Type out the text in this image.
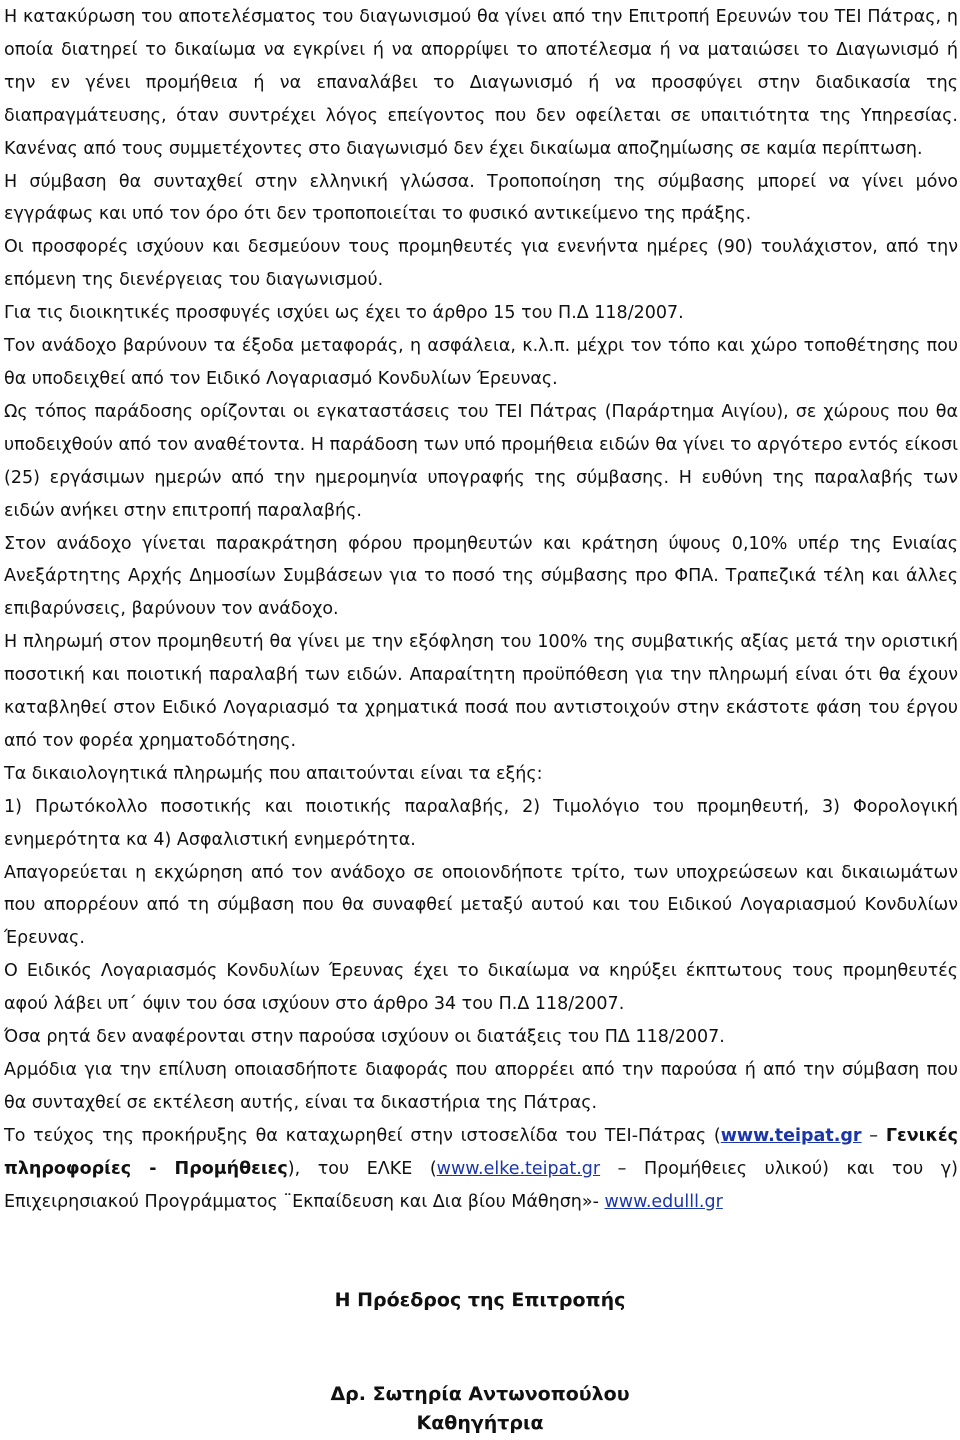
Η κατακύρωση του αποτελέσματος του διαγωνισμού θα γίνει από την Επιτροπή Ερευνών του ΤΕΙ Πάτρας, η οποία διατηρεί το δικαίωμα να εγκρίνει ή να απορρίψει το αποτέλεσμα ή να ματαιώσει το Διαγωνισμό ή την εν γένει προμήθεια ή να επαναλάβει το Διαγωνισμό ή να προσφύγει στην διαδικασία της διαπραγμάτευσης, όταν συντρέχει λόγος επείγοντος που δεν οφείλεται σε υπαιτιότητα της Υπηρεσίας. Κανένας από τους συμμετέχοντες στο διαγωνισμό δεν έχει δικαίωμα αποζημίωσης σε καμία περίπτωση.

Η σύμβαση θα συνταχθεί στην ελληνική γλώσσα. Τροποποίηση της σύμβασης μπορεί να γίνει μόνο εγγράφως και υπό τον όρο ότι δεν τροποποιείται το φυσικό αντικείμενο της πράξης.

Οι προσφορές ισχύουν και δεσμεύουν τους προμηθευτές για ενενήντα ημέρες (90) τουλάχιστον, από την επόμενη της διενέργειας του διαγωνισμού.

Για τις διοικητικές προσφυγές ισχύει ως έχει το άρθρο 15 του Π.Δ 118/2007.

Τον ανάδοχο βαρύνουν τα έξοδα μεταφοράς, η ασφάλεια, κ.λ.π. μέχρι τον τόπο και χώρο τοποθέτησης που θα υποδειχθεί από τον Ειδικό Λογαριασμό Κονδυλίων Έρευνας.

Ως τόπος παράδοσης ορίζονται οι εγκαταστάσεις του ΤΕΙ Πάτρας (Παράρτημα Αιγίου), σε χώρους που θα υποδειχθούν από τον αναθέτοντα. Η παράδοση των υπό προμήθεια ειδών θα γίνει το αργότερο εντός είκοσι (25) εργάσιμων ημερών από την ημερομηνία υπογραφής της σύμβασης. Η ευθύνη της παραλαβής των ειδών ανήκει στην επιτροπή παραλαβής.

Στον ανάδοχο γίνεται παρακράτηση φόρου προμηθευτών και κράτηση ύψους 0,10% υπέρ της Ενιαίας Ανεξάρτητης Αρχής Δημοσίων Συμβάσεων για το ποσό της σύμβασης προ ΦΠΑ. Τραπεζικά τέλη και άλλες επιβαρύνσεις, βαρύνουν τον ανάδοχο.

Η πληρωμή στον προμηθευτή θα γίνει με την εξόφληση του 100% της συμβατικής αξίας μετά την οριστική ποσοτική και ποιοτική παραλαβή των ειδών. Απαραίτητη προϋπόθεση για την πληρωμή είναι ότι θα έχουν καταβληθεί στον Ειδικό Λογαριασμό τα χρηματικά ποσά που αντιστοιχούν στην εκάστοτε φάση του έργου από τον φορέα χρηματοδότησης.

Τα δικαιολογητικά πληρωμής που απαιτούνται είναι τα εξής:

1) Πρωτόκολλο ποσοτικής και ποιοτικής παραλαβής, 2) Τιμολόγιο του προμηθευτή, 3) Φορολογική ενημερότητα κα 4) Ασφαλιστική ενημερότητα.

Απαγορεύεται η εκχώρηση από τον ανάδοχο σε οποιονδήποτε τρίτο, των υποχρεώσεων και δικαιωμάτων που απορρέουν από τη σύμβαση που θα συναφθεί μεταξύ αυτού και του Ειδικού Λογαριασμού Κονδυλίων Έρευνας.

Ο Ειδικός Λογαριασμός Κονδυλίων Έρευνας έχει το δικαίωμα να κηρύξει έκπτωτους τους προμηθευτές αφού λάβει υπ΄ όψιν του όσα ισχύουν στο άρθρο 34 του Π.Δ 118/2007.

Όσα ρητά δεν αναφέρονται στην παρούσα ισχύουν οι διατάξεις του ΠΔ 118/2007.

Αρμόδια για την επίλυση οποιασδήποτε διαφοράς που απορρέει από την παρούσα ή από την σύμβαση που θα συνταχθεί σε εκτέλεση αυτής, είναι τα δικαστήρια της Πάτρας.

Το τεύχος της προκήρυξης θα καταχωρηθεί στην ιστοσελίδα του ΤΕΙ-Πάτρας (www.teipat.gr – Γενικές πληροφορίες - Προμήθειες), του ΕΛΚΕ (www.elke.teipat.gr – Προμήθειες υλικού) και του γ) Επιχειρησιακού Προγράμματος ¨Εκπαίδευση και Δια βίου Μάθηση»- www.edulll.gr

Η Πρόεδρος της Επιτροπής
Δρ. Σωτηρία Αντωνοπούλου
Καθηγήτρια
